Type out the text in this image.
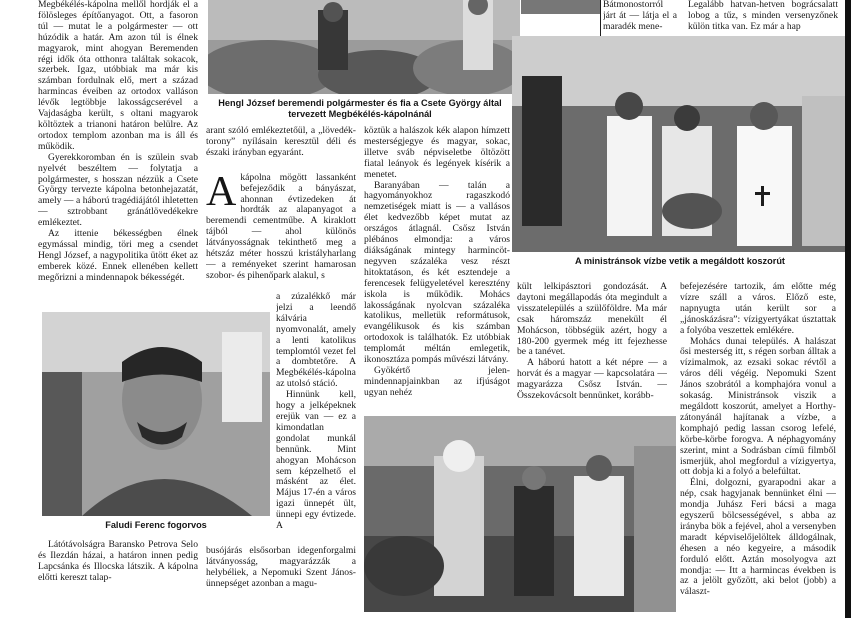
Bátmonostorról járt át — látja el a maradék mene-

Legalább hatvan-hetven bográcsalatt lobog a tűz, s minden versenyzőnek külön titka van. Ez már a hap

Megbékélés-kápolna mellől hordják el a fölösleges építőanyagot. Ott, a fasoron túl — mutat le a polgármester — ott húzódik a határ. Am azon túl is élnek magyarok, mint ahogyan Beremenden régi idők óta otthonra találtak sokacok, szerbek. Igaz, utóbbiak ma már kis számban fordulnak elő, mert a század harmincas éveiben az ortodox valláson lévők legtöbbje lakosságcserével a Vajdaságba került, s oltani magyarok költöztek a trianoni határon belülre. Az ortodox templom azonban ma is áll és működik.

Gyerekkoromban én is szülein svab nyelvét beszéltem — folytatja a polgármester, s hosszan nézzük a Csete György tervezte kápolna betonhejazatát, amely — a háború tragédiájától ihletetten — sztrobbant gránátlövedékekre emlékeztet.

Az ittenie békességben élnek egymással mindig, töri meg a csendet Hengl József, a nagypolitika ütött éket az emberek közé. Ennek ellenében kellett megőrizni a mindennapok békességét.

Hengl József beremendi polgármester és fia a Csete György által tervezett Megbékélés-kápolnánál

arant szóló emlékeztetőül, a „lövedék-torony” nyílásain keresztül déli és északi irányban egyaránt.

A kápolna mögött lassanként befejeződik a bányászat, ahonnan évtizedeken át hordták az alapanyagot a beremendi cementműbe. A kiraklott tájból — ahol különös látványosságnak tekinthető meg a hétszáz méter hosszú kristályharlang — a reményeket szerint hamarosan szobor- és pihenőpark alakul, s

a zúzalékkő már jelzi a leendő kálvária nyomvonalát, amely a lenti katolikus templomtól vezet fel a dombtetőre. A Megbékélés-kápolna az utolsó stáció.

Hinnünk kell, hogy a jelképeknek erejük van — ez a kimondatlan gondolat munkál bennünk. Mint ahogyan Mohácson sem képzelhető el másként az élet. Május 17-én a város igazi ünnepét ült, ünnepi egy évtizede. A

busójárás elsősorban idegenforgalmi látványosság, magyarázzák a helybéliek, a Nepomuki Szent János-ünnepséget azonban a magu-

köztük a halászok kék alapon hímzett mesterségjegye és magyar, sokac, illetve sváb népviseletbe öltözött fiatal leányok és legények kísérik a menetet.

Baranyában — talán a hagyományokhoz ragaszkodó nemzetiségek miatt is — a vallásos élet kedvezőbb képet mutat az országos átlagnál. Csősz István plébános elmondja: a város diákságának mintegy harmincöt-negyven százaléka vesz részt hitoktatáson, és két esztendeje a ferencesek felügyeletével keresztény iskola is működik. Mohács lakosságának nyolcvan százaléka katolikus, melletük reformátusok, evangélikusok és kis számban ortodoxok is találhatók. Ez utóbbiak templomát méltán emlegetik, ikonosztáza pompás művészi látvány.

Gyökértő jelen-mindennapjainkban az ifjúságot ugyan nehéz

A ministránsok vízbe vetik a megáldott koszorút
Faludi Ferenc fogorvos

Látótávolságra Baransko Petrova Selo és Ilezdán házai, a határon innen pedig Lapcsánka és Illocska látszik. A kápolna előtti kereszt talap-

kült lelkipásztori gondozását. A daytoni megállapodás óta megindult a visszatelepülés a szülőföldre. Ma már csak háromszáz menekült él Mohácson, többségük azért, hogy a 180-200 gyermek még itt fejezhesse be a tanévet.

A háború hatott a két népre — a horvát és a magyar — kapcsolatára — magyarázza Csősz István. — Összekovácsolt bennünket, korább-

befejezésére tartozik, ám előtte még vízre száll a város. Előző este, napnyugta után került sor a „jánoskázásra”: vízigyertyákat úsztattak a folyóba veszettek emlékére.

Mohács dunai település. A halászat ősi mesterség itt, s régen sorban álltak a vízimalmok, az ezsaki sokac révtől a város déli végéig. Nepomuki Szent János szobrától a komphajóra vonul a sokaság. Ministránsok viszik a megáldott koszorút, amelyet a Horthy-zátonyánál hajítanak a vízbe, a komphajó pedig lassan csorog lefelé, körbe-körbe forogva. A néphagyomány szerint, mint a Sodrásban című filmből ismerjük, ahol megfordul a vízigyertya, ott dobja ki a folyó a belefúltat.

Élni, dolgozni, gyarapodni akar a nép, csak hagyjanak bennünket élni — mondja Juhász Feri bácsi a maga egyszerű bölcsességével, s abba az irányba bök a fejével, ahol a versenyben maradt képviselőjelöltek álldogálnak, éhesen a néo kegyeire, a második forduló előtt. Aztán mosolyogva azt mondja: — Itt a harmincas években is az a jelölt győzött, aki belot (jobb) a választ-
